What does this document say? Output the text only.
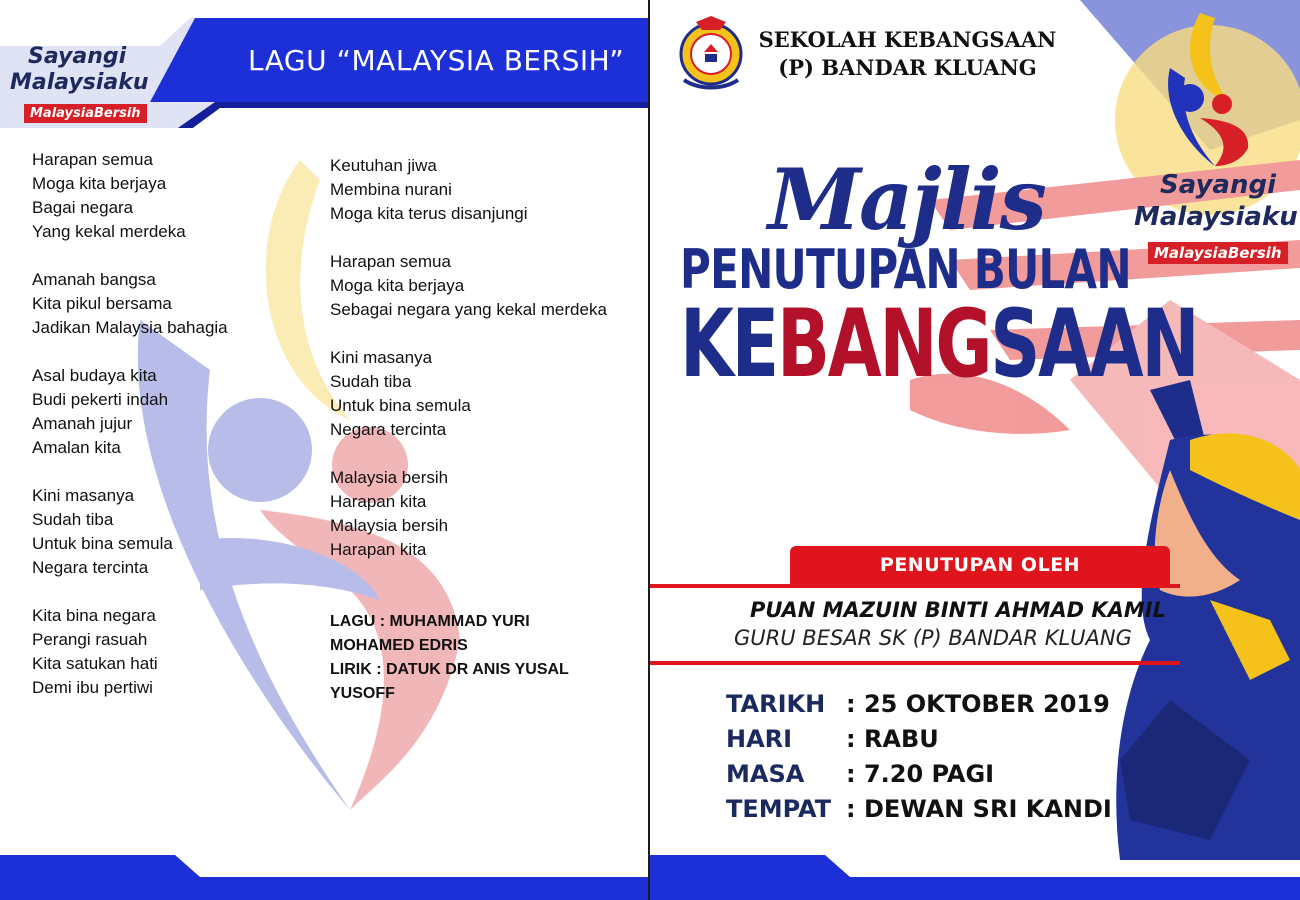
LAGU “MALAYSIA BERSIH”
Sayangi
Malaysiaku
MalaysiaBersih
Harapan semua
Moga kita berjaya
Bagai negara
Yang kekal merdeka
Amanah bangsa
Kita pikul bersama
Jadikan Malaysia bahagia
Asal budaya kita
Budi pekerti indah
Amanah jujur
Amalan kita
Kini masanya
Sudah tiba
Untuk bina semula
Negara tercinta
Kita bina negara
Perangi rasuah
Kita satukan hati
Demi ibu pertiwi
Keutuhan jiwa
Membina nurani
Moga kita terus disanjungi
Harapan semua
Moga kita berjaya
Sebagai negara yang kekal merdeka
Kini masanya
Sudah tiba
Untuk bina semula
Negara tercinta
Malaysia bersih
Harapan kita
Malaysia bersih
Harapan kita
LAGU : MUHAMMAD YURI
MOHAMED EDRIS
LIRIK : DATUK DR ANIS YUSAL
YUSOFF
SEKOLAH KEBANGSAAN
(P) BANDAR KLUANG
Majlis
PENUTUPAN BULAN
KEBANGSAAN
Sayangi
Malaysiaku
MalaysiaBersih
PENUTUPAN OLEH
PUAN MAZUIN BINTI AHMAD KAMIL
GURU BESAR SK (P) BANDAR KLUANG
TARIKH : 25 OKTOBER 2019
HARI : RABU
MASA : 7.20 PAGI
TEMPAT : DEWAN SRI KANDI
